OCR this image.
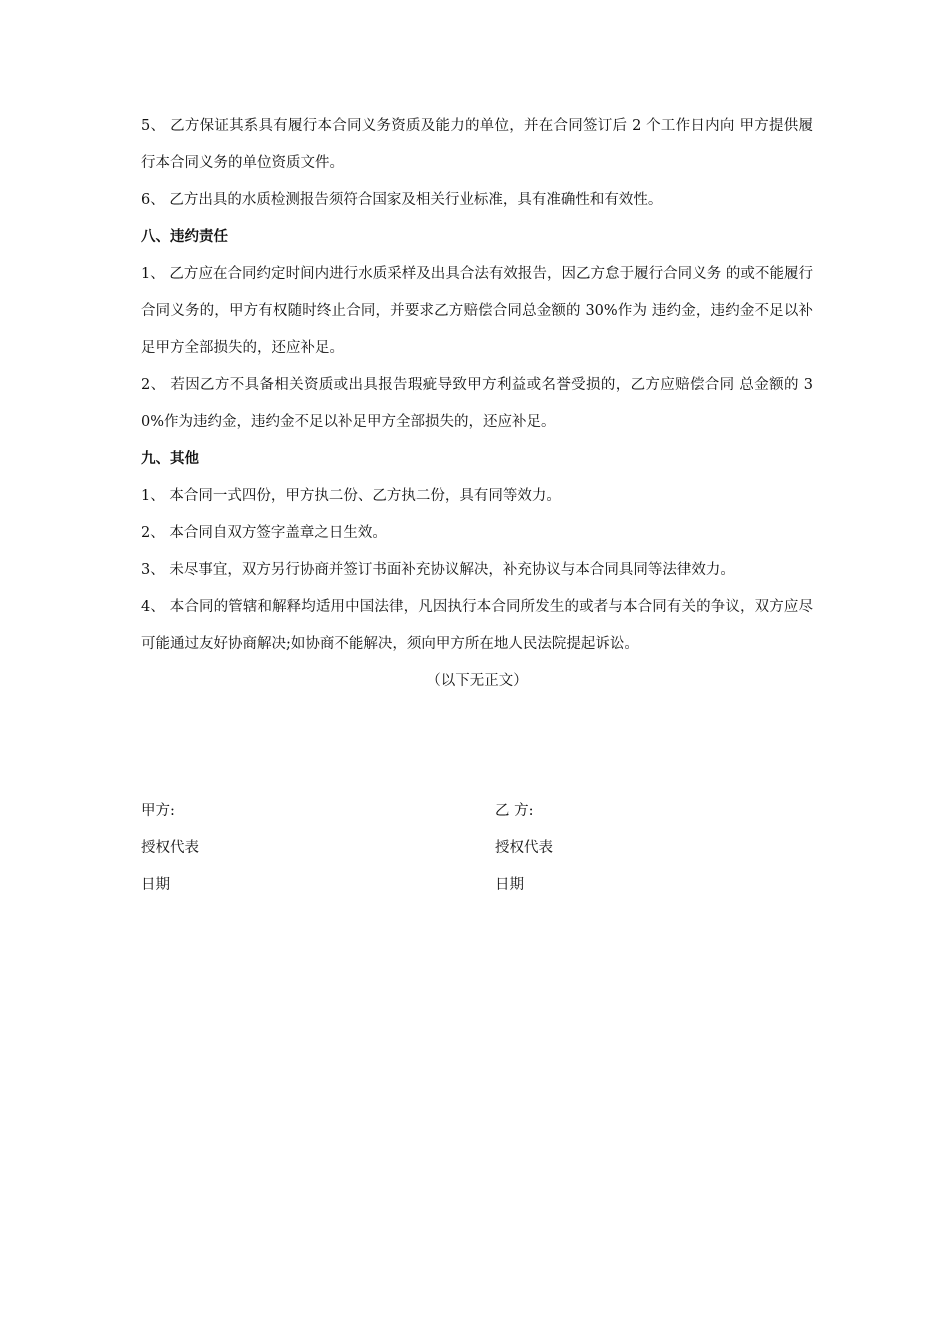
5、 乙方保证其系具有履行本合同义务资质及能力的单位，并在合同签订后 2 个工作日内向 甲方提供履行本合同义务的单位资质文件。

6、 乙方出具的水质检测报告须符合国家及相关行业标准，具有准确性和有效性。

八、违约责任

1、 乙方应在合同约定时间内进行水质采样及出具合法有效报告，因乙方怠于履行合同义务 的或不能履行合同义务的，甲方有权随时终止合同，并要求乙方赔偿合同总金额的 30%作为 违约金，违约金不足以补足甲方全部损失的，还应补足。

2、 若因乙方不具备相关资质或出具报告瑕疵导致甲方利益或名誉受损的，乙方应赔偿合同 总金额的 30%作为违约金，违约金不足以补足甲方全部损失的，还应补足。

九、其他

1、 本合同一式四份，甲方执二份、乙方执二份，具有同等效力。

2、 本合同自双方签字盖章之日生效。

3、 未尽事宜，双方另行协商并签订书面补充协议解决，补充协议与本合同具同等法律效力。

4、 本合同的管辖和解释均适用中国法律，凡因执行本合同所发生的或者与本合同有关的争议，双方应尽可能通过友好协商解决;如协商不能解决，须向甲方所在地人民法院提起诉讼。

（以下无正文）

甲方:

授权代表

日期

乙 方:

授权代表

日期
